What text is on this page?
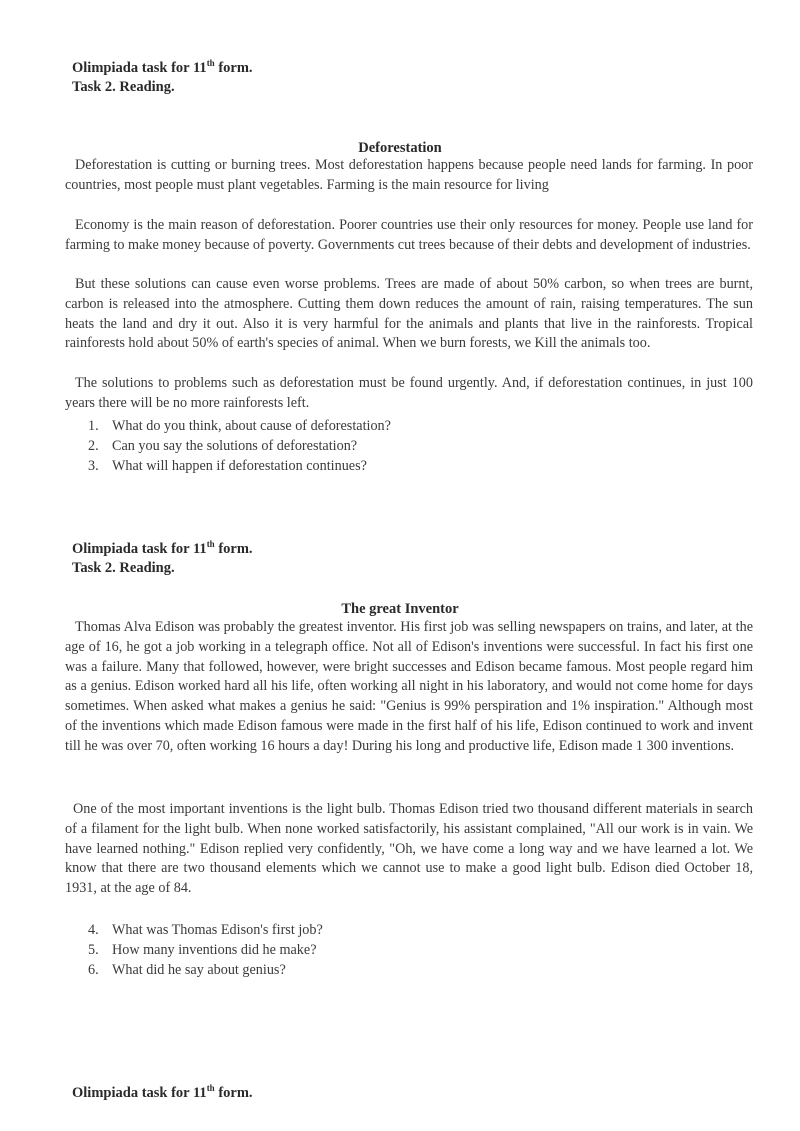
Olimpiada task for 11th form.
Task 2. Reading.
Deforestation

Deforestation is cutting or burning trees. Most deforestation happens because people need lands for farming. In poor countries, most people must plant vegetables. Farming is the main resource for living

Economy is the main reason of deforestation. Poorer countries use their only resources for money. People use land for farming to make money because of poverty. Governments cut trees because of their debts and development of industries.

But these solutions can cause even worse problems. Trees are made of about 50% carbon, so when trees are burnt, carbon is released into the atmosphere. Cutting them down reduces the amount of rain, raising temperatures. The sun heats the land and dry it out. Also it is very harmful for the animals and plants that live in the rainforests. Tropical rainforests hold about 50% of earth's species of animal. When we burn forests, we Kill the animals too.

The solutions to problems such as deforestation must be found urgently. And, if deforestation continues, in just 100 years there will be no more rainforests left.

1. What do you think, about cause of deforestation?
2. Can you say the solutions of deforestation?
3. What will happen if deforestation continues?
Olimpiada task for 11th form.
Task 2. Reading.
The great Inventor

Thomas Alva Edison was probably the greatest inventor. His first job was selling newspapers on trains, and later, at the age of 16, he got a job working in a telegraph office. Not all of Edison's inventions were successful. In fact his first one was a failure. Many that followed, however, were bright successes and Edison became famous. Most people regard him as a genius. Edison worked hard all his life, often working all night in his laboratory, and would not come home for days sometimes. When asked what makes a genius he said: "Genius is 99% perspiration and 1% inspiration." Although most of the inventions which made Edison famous were made in the first half of his life, Edison continued to work and invent till he was over 70, often working 16 hours a day! During his long and productive life, Edison made 1 300 inventions.

One of the most important inventions is the light bulb. Thomas Edison tried two thousand different materials in search of a filament for the light bulb. When none worked satisfactorily, his assistant complained, "All our work is in vain. We have learned nothing." Edison replied very confidently, "Oh, we have come a long way and we have learned a lot. We know that there are two thousand elements which we cannot use to make a good light bulb. Edison died October 18, 1931, at the age of 84.

4. What was Thomas Edison's first job?
5. How many inventions did he make?
6. What did he say about genius?
Olimpiada task for 11th form.
